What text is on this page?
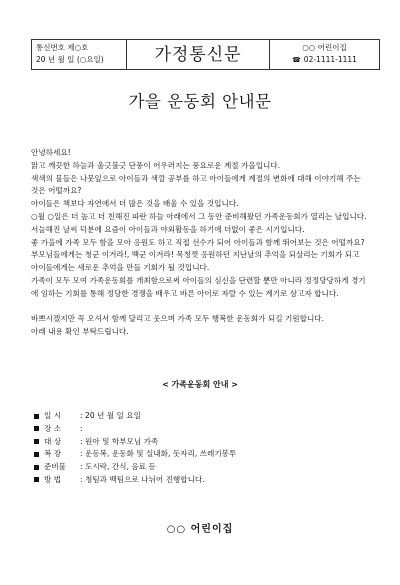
통신번호 제○호
20 년 월 일 (○요일)	가정통신문	○○ 어린이집
☎ 02-1111-1111
가을 운동회 안내문

안녕하세요!

맑고 깨끗한 하늘과 울긋불긋 단풍이 어우러지는 풍요로운 계절 가을입니다.

색색의 물들은 나뭇잎으로 아이들과 색깔 공부를 하고 아이들에게 계절의 변화에 대해 이야기해 주는 것은 어떨까요?

아이들은 책보다 자연에서 더 많은 것을 배울 수 있을 것입니다.

○월 ○일은 더 높고 더 친해진 파란 하늘 아래에서 그 동안 준비해왔던 가족운동회가 열리는 날입니다.

서늘해진 날씨 덕분에 요즘이 아이들과 야외활동을 하기에 더없이 좋은 시기입니다.

좋 가을에 가족 모두 함을 모아 응원도 하고 직접 선수가 되어 아이들과 함께 뛰어보는 것은 어떨까요?

부모님들에게는 청군 이겨라!, 백군 이겨라! 목청껏 응원하던 지난날의 추억을 되살리는 기회가 되고 아이들에게는 새로운 추억을 만들 기회가 될 것입니다.

가족이 모두 모여 가족운동회를 개최함으로써 아이들의 심신을 단련할 뿐만 아니라 정정당당하게 경기에 임하는 기회를 통해 정당한 경쟁을 배우고 바른 아이로 자랄 수 있는 계기로 삼고자 합니다.

바쁘시겠지만 꼭 오셔서 함께 달리고 웃으며 가족 모두 행복한 운동회가 되길 기원합니다.

아래 내용 확인 부탁드립니다.

< 가족운동회 안내 >
일 시	: 20 년 월 일 요일
장 소	:
대 상	: 원아 및 학부모님 가족
복 장	: 운동복, 운동화 및 실내화, 돗자리, 쓰레기봉투
준비물	: 도시락, 간식, 음료 등
방 법	: 청팀과 백팀으로 나뉘어 진행합니다.
○○ 어린이집
